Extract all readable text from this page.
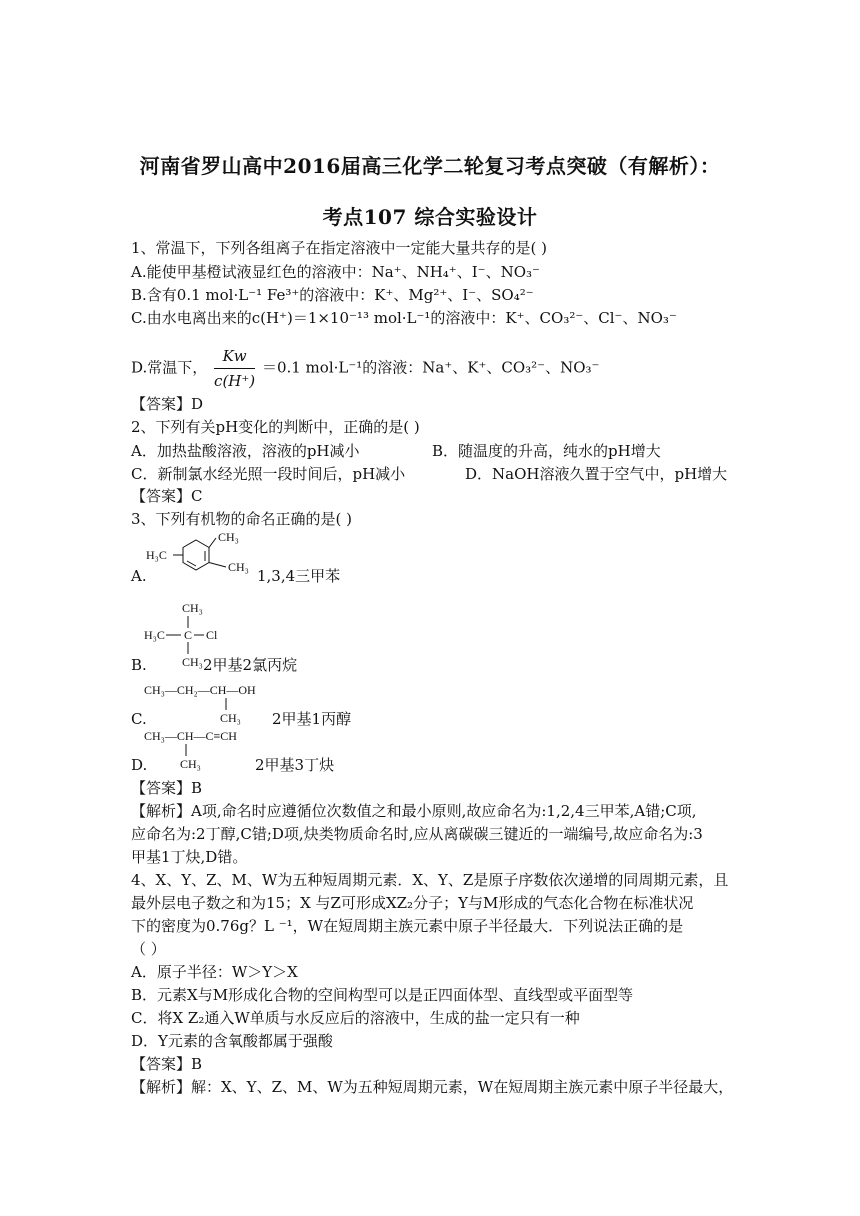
河南省罗山高中2016届高三化学二轮复习考点突破（有解析）：
考点107 综合实验设计
1、常温下，下列各组离子在指定溶液中一定能大量共存的是( )
A.能使甲基橙试液显红色的溶液中：Na⁺、NH₄⁺、I⁻、NO₃⁻
B.含有0.1 mol·L⁻¹ Fe³⁺的溶液中：K⁺、Mg²⁺、I⁻、SO₄²⁻
C.由水电离出来的c(H⁺)＝1×10⁻¹³ mol·L⁻¹的溶液中：K⁺、CO₃²⁻、Cl⁻、NO₃⁻
D.常温下， $\frac{Kw}{c(H^+)} =0.1$ mol·L⁻¹的溶液：Na⁺、K⁺、CO₃²⁻、NO₃⁻
【答案】D
2、下列有关pH变化的判断中，正确的是( )
A．加热盐酸溶液，溶液的pH减小	B．随温度的升高，纯水的pH增大
C．新制氯水经光照一段时间后，pH减小	D．NaOH溶液久置于空气中，pH增大
【答案】C
3、下列有机物的命名正确的是( )
A.
H₃C
CH₃
CH₃ 1,3,4三甲苯
CH₃
H₃C C Cl
CH₃
B.	2甲基2氯丙烷
CH₃—CH₂—CH—OH
CH₃
C.	2甲基1丙醇
CH₃—CH—C≡CH
CH₃
D.	2甲基3丁炔
【答案】B
【解析】A项,命名时应遵循位次数值之和最小原则,故应命名为:1,2,4三甲苯,A错;C项,
应命名为:2丁醇,C错;D项,炔类物质命名时,应从离碳碳三键近的一端编号,故应命名为:3
甲基1丁炔,D错。
4、X、Y、Z、M、W为五种短周期元素．X、Y、Z是原子序数依次递增的同周期元素，且
最外层电子数之和为15；X 与Z可形成XZ₂分子；Y与M形成的气态化合物在标准状况
下的密度为0.76g？L ⁻¹，W在短周期主族元素中原子半径最大．下列说法正确的是
（ ）
A．原子半径：W＞Y＞X
B．元素X与M形成化合物的空间构型可以是正四面体型、直线型或平面型等
C．将X Z₂通入W单质与水反应后的溶液中，生成的盐一定只有一种
D．Y元素的含氧酸都属于强酸
【答案】B
【解析】解：X、Y、Z、M、W为五种短周期元素，W在短周期主族元素中原子半径最大，
